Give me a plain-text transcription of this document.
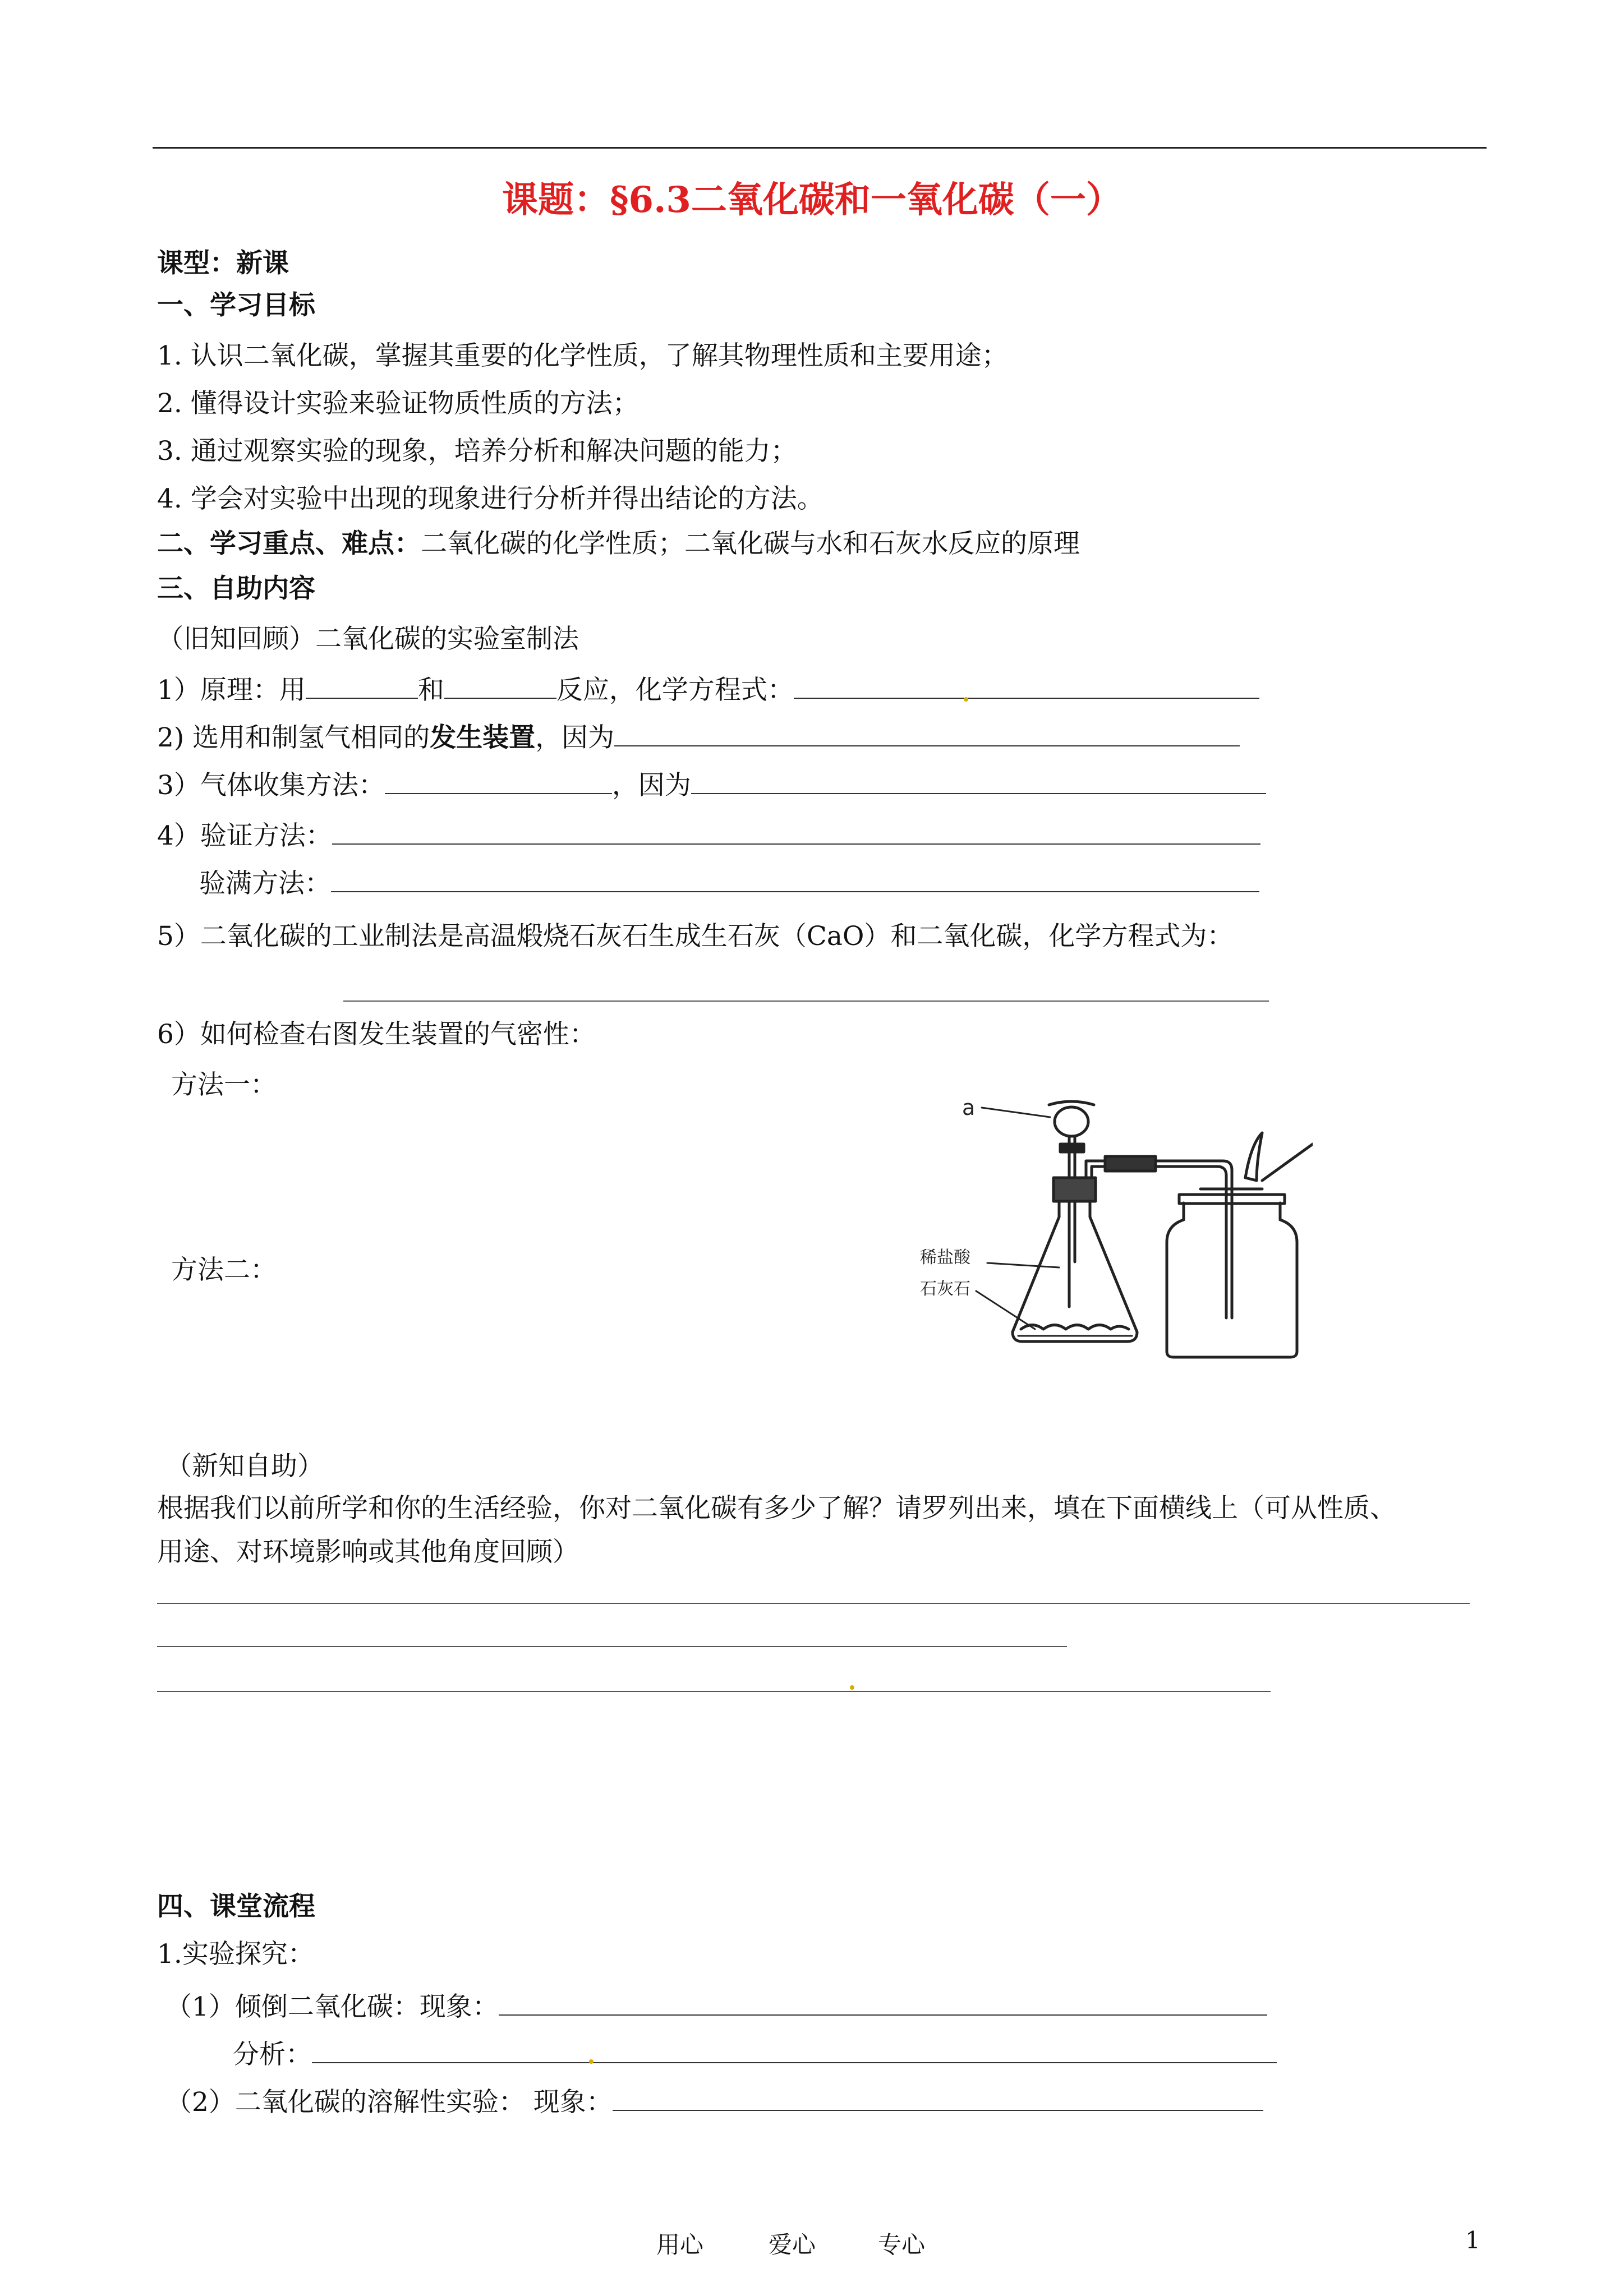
课题：§6.3二氧化碳和一氧化碳（一）
课型：新课
一、学习目标
1. 认识二氧化碳，掌握其重要的化学性质，了解其物理性质和主要用途；
2. 懂得设计实验来验证物质性质的方法；
3. 通过观察实验的现象，培养分析和解决问题的能力；
4. 学会对实验中出现的现象进行分析并得出结论的方法。
二、学习重点、难点：二氧化碳的化学性质；二氧化碳与水和石灰水反应的原理
三、自助内容
（旧知回顾）二氧化碳的实验室制法
1）原理：用	和	反应，化学方程式：
2) 选用和制氢气相同的发生装置，因为
3）气体收集方法：	，因为
4）验证方法：
验满方法：
5）二氧化碳的工业制法是高温煅烧石灰石生成生石灰（CaO）和二氧化碳，化学方程式为：
6）如何检查右图发生装置的气密性：
方法一：
方法二：
a
稀盐酸
石灰石
（新知自助）
根据我们以前所学和你的生活经验，你对二氧化碳有多少了解？请罗列出来，填在下面横线上（可从性质、
用途、对环境影响或其他角度回顾）
四、课堂流程
1.实验探究：
（1）倾倒二氧化碳：现象：
分析：
（2）二氧化碳的溶解性实验： 现象：
用心	爱心	专心	1
